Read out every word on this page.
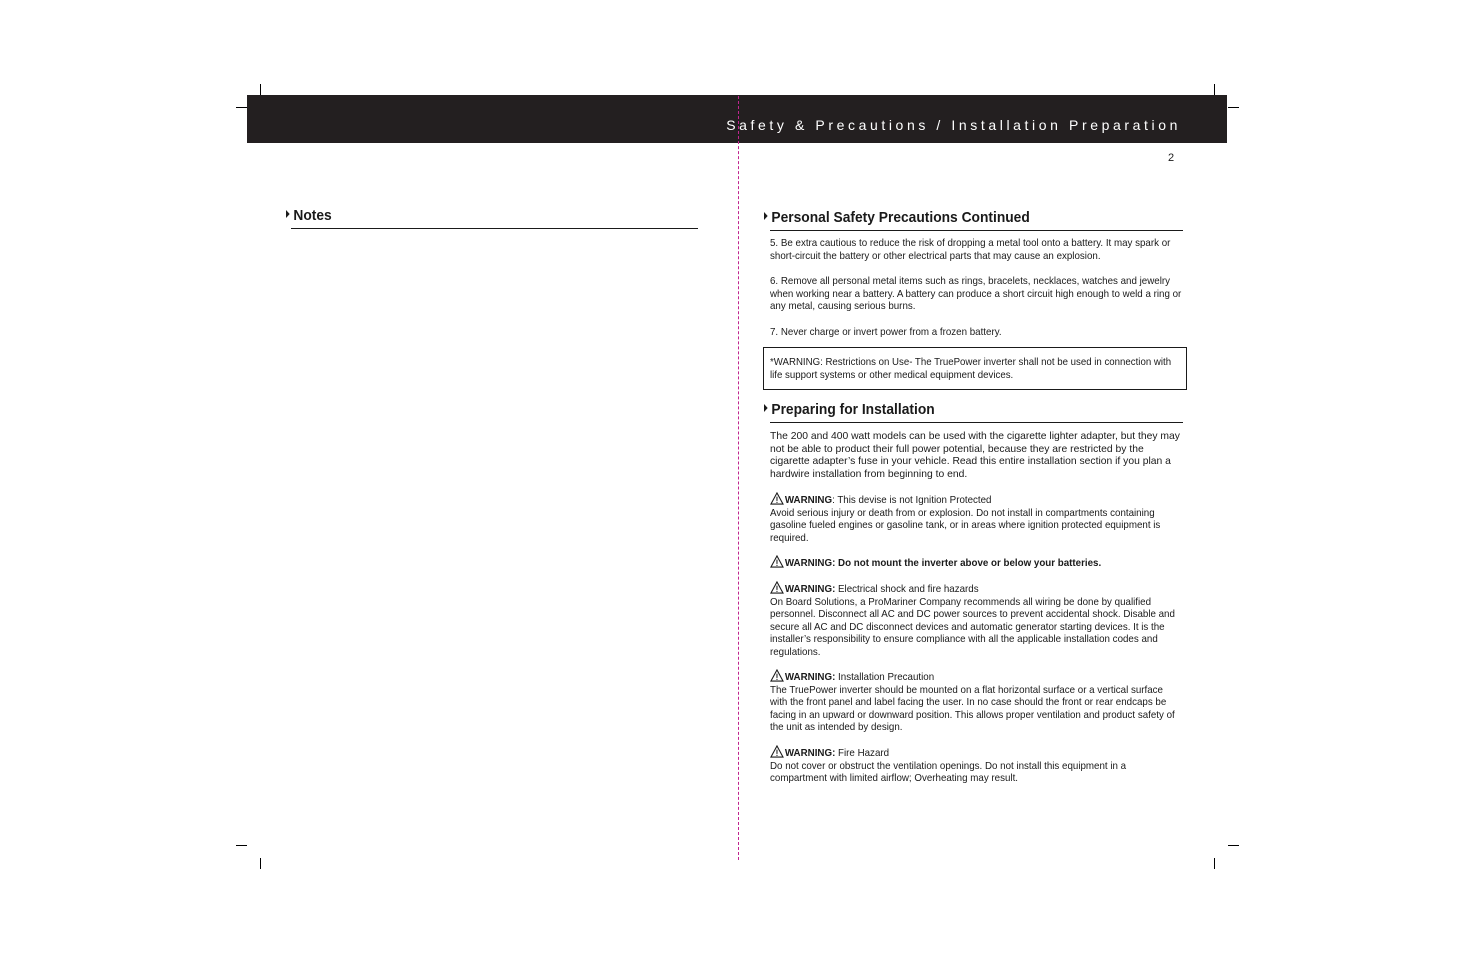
Safety & Precautions / Installation Preparation
2
Notes	Personal Safety Precautions Continued
5. Be extra cautious to reduce the risk of dropping a metal tool onto a battery. It may spark or short-circuit the battery or other electrical parts that may cause an explosion.
6. Remove all personal metal items such as rings, bracelets, necklaces, watches and jewelry when working near a battery. A battery can produce a short circuit high enough to weld a ring or any metal, causing serious burns.
7. Never charge or invert power from a frozen battery.
*WARNING: Restrictions on Use- The TruePower inverter shall not be used in connection with life support systems or other medical equipment devices.
Preparing for Installation
The 200 and 400 watt models can be used with the cigarette lighter adapter, but they may not be able to product their full power potential, because they are restricted by the cigarette adapter’s fuse in your vehicle. Read this entire installation section if you plan a hardwire installation from beginning to end.
WARNING: This devise is not Ignition Protected
Avoid serious injury or death from or explosion. Do not install in compartments containing gasoline fueled engines or gasoline tank, or in areas where ignition protected equipment is required.
WARNING: Do not mount the inverter above or below your batteries.
WARNING: Electrical shock and fire hazards
On Board Solutions, a ProMariner Company recommends all wiring be done by qualified personnel. Disconnect all AC and DC power sources to prevent accidental shock. Disable and secure all AC and DC disconnect devices and automatic generator starting devices. It is the installer’s responsibility to ensure compliance with all the applicable installation codes and regulations.
WARNING: Installation Precaution
The TruePower inverter should be mounted on a flat horizontal surface or a vertical surface with the front panel and label facing the user. In no case should the front or rear endcaps be facing in an upward or downward position. This allows proper ventilation and product safety of the unit as intended by design.
WARNING: Fire Hazard
Do not cover or obstruct the ventilation openings. Do not install this equipment in a compartment with limited airflow; Overheating may result.
